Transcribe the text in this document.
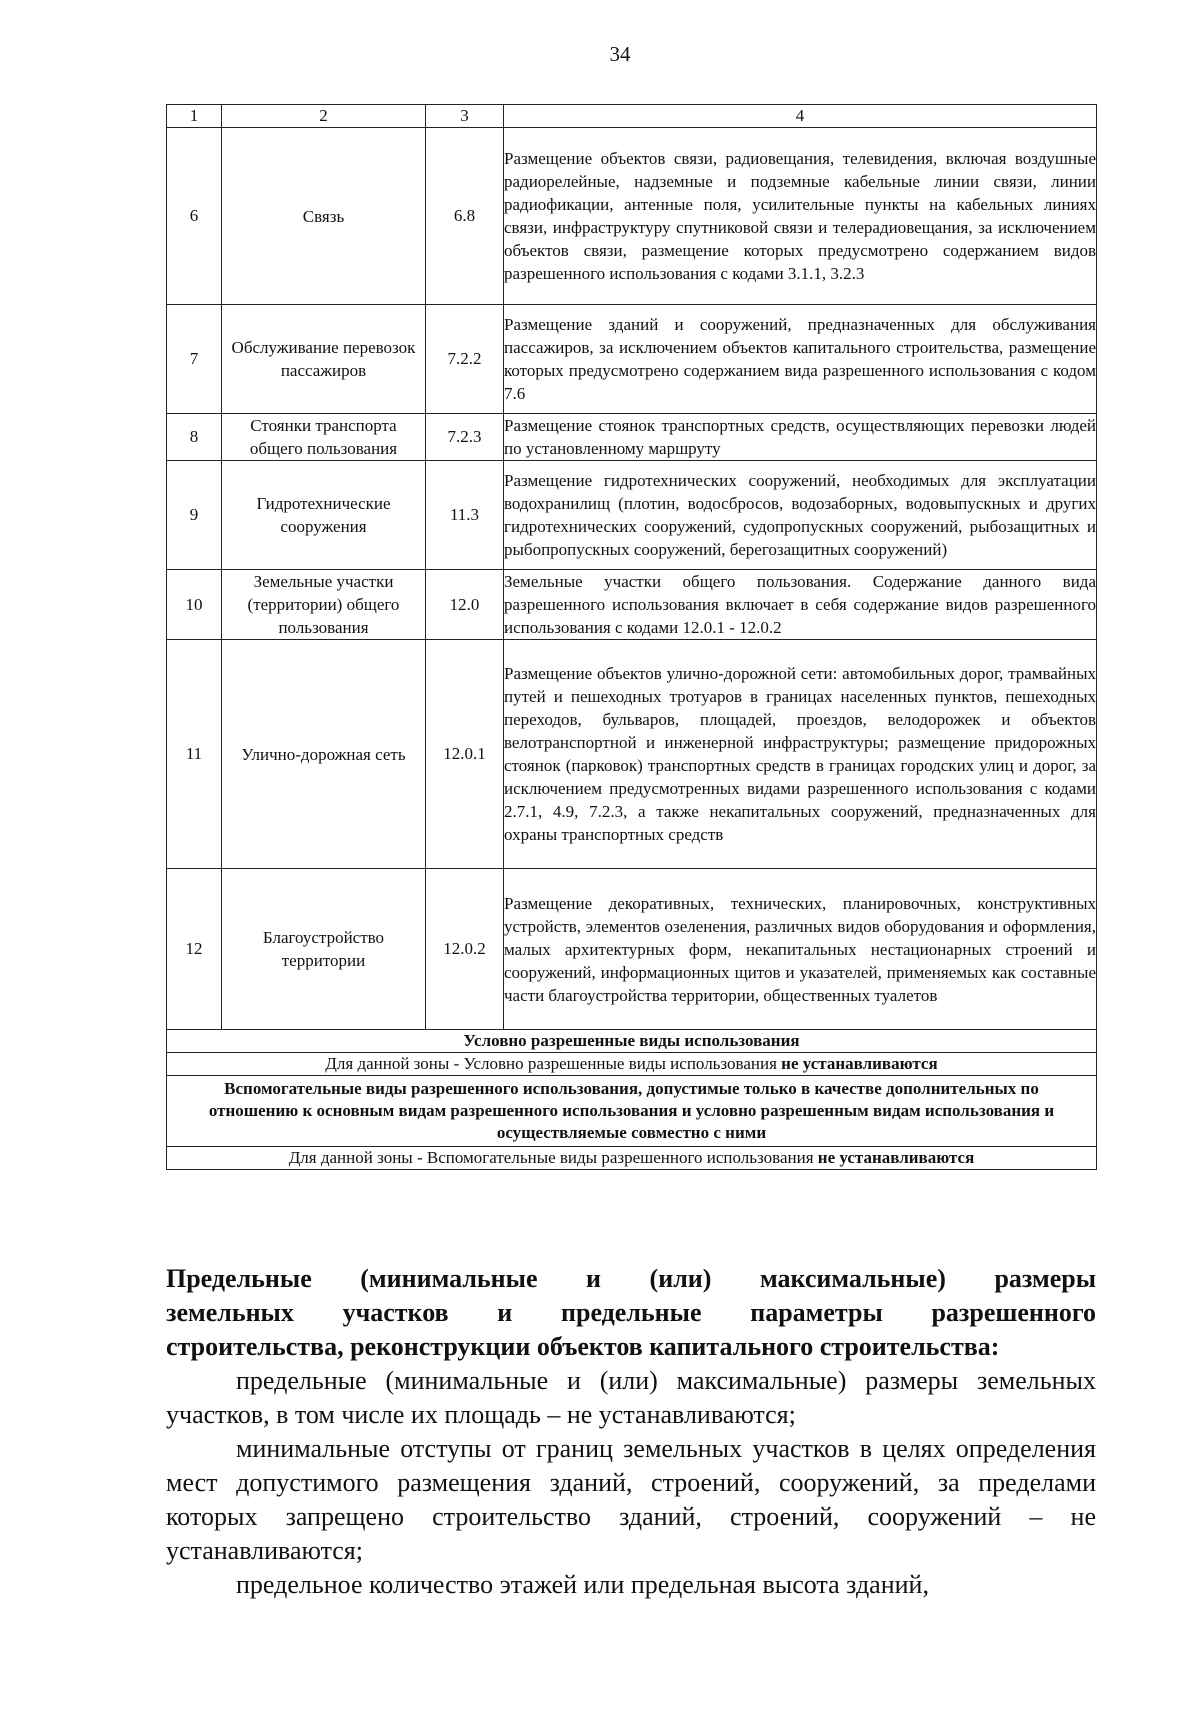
34
1	2	3	4
6	Связь	6.8	Размещение объектов связи, радиовещания, телевидения, включая воздушные радиорелейные, надземные и подземные кабельные линии связи, линии радиофикации, антенные поля, усилительные пункты на кабельных линиях связи, инфраструктуру спутниковой связи и телерадиовещания, за исключением объектов связи, размещение которых предусмотрено содержанием видов разрешенного использования с кодами 3.1.1, 3.2.3
7	Обслуживание перевозок пассажиров	7.2.2	Размещение зданий и сооружений, предназначенных для обслуживания пассажиров, за исключением объектов капитального строительства, размещение которых предусмотрено содержанием вида разрешенного использования с кодом 7.6
8	Стоянки транспорта общего пользования	7.2.3	Размещение стоянок транспортных средств, осуществляющих перевозки людей по установленному маршруту
9	Гидротехнические сооружения	11.3	Размещение гидротехнических сооружений, необходимых для эксплуатации водохранилищ (плотин, водосбросов, водозаборных, водовыпускных и других гидротехнических сооружений, судопропускных сооружений, рыбозащитных и рыбопропускных сооружений, берегозащитных сооружений)
10	Земельные участки (территории) общего пользования	12.0	Земельные участки общего пользования. Содержание данного вида разрешенного использования включает в себя содержание видов разрешенного использования с кодами 12.0.1 - 12.0.2
11	Улично-дорожная сеть	12.0.1	Размещение объектов улично-дорожной сети: автомобильных дорог, трамвайных путей и пешеходных тротуаров в границах населенных пунктов, пешеходных переходов, бульваров, площадей, проездов, велодорожек и объектов велотранспортной и инженерной инфраструктуры; размещение придорожных стоянок (парковок) транспортных средств в границах городских улиц и дорог, за исключением предусмотренных видами разрешенного использования с кодами 2.7.1, 4.9, 7.2.3, а также некапитальных сооружений, предназначенных для охраны транспортных средств
12	Благоустройство территории	12.0.2	Размещение декоративных, технических, планировочных, конструктивных устройств, элементов озеленения, различных видов оборудования и оформления, малых архитектурных форм, некапитальных нестационарных строений и сооружений, информационных щитов и указателей, применяемых как составные части благоустройства территории, общественных туалетов
Условно разрешенные виды использования			
Для данной зоны - Условно разрешенные виды использования не устанавливаются			
Вспомогательные виды разрешенного использования, допустимые только в качестве дополнительных по отношению к основным видам разрешенного использования и условно разрешенным видам использования и осуществляемые совместно с ними			
Для данной зоны - Вспомогательные виды разрешенного использования не устанавливаются			
Предельные (минимальные и (или) максимальные) размеры
земельных участков и предельные параметры разрешенного
строительства, реконструкции объектов капитального строительства:
предельные (минимальные и (или) максимальные) размеры земельных участков, в том числе их площадь – не устанавливаются;
минимальные отступы от границ земельных участков в целях определения мест допустимого размещения зданий, строений, сооружений, за пределами которых запрещено строительство зданий, строений, сооружений – не устанавливаются;
предельное количество этажей или предельная высота зданий,
